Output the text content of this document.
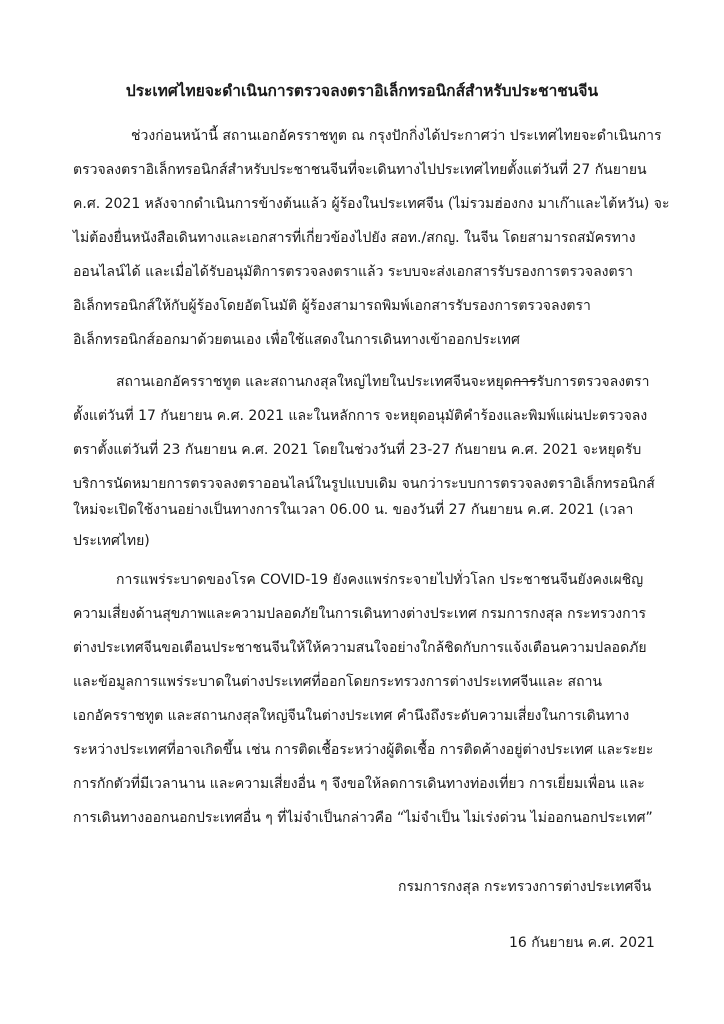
ประเทศไทยจะดำเนินการตรวจลงตราอิเล็กทรอนิกส์สำหรับประชาชนจีน
ช่วงก่อนหน้านี้ สถานเอกอัครราชทูต ณ กรุงปักกิ่งได้ประกาศว่า ประเทศไทยจะดำเนินการ
ตรวจลงตราอิเล็กทรอนิกส์สำหรับประชาชนจีนที่จะเดินทางไปประเทศไทยตั้งแต่วันที่ 27 กันยายน
ค.ศ. 2021 หลังจากดำเนินการข้างต้นแล้ว ผู้ร้องในประเทศจีน (ไม่รวมฮ่องกง มาเก๊าและไต้หวัน) จะ
ไม่ต้องยื่นหนังสือเดินทางและเอกสารที่เกี่ยวข้องไปยัง สอท./สกญ. ในจีน โดยสามารถสมัครทาง
ออนไลน์ได้ และเมื่อได้รับอนุมัติการตรวจลงตราแล้ว ระบบจะส่งเอกสารรับรองการตรวจลงตรา
อิเล็กทรอนิกส์ให้กับผู้ร้องโดยอัตโนมัติ ผู้ร้องสามารถพิมพ์เอกสารรับรองการตรวจลงตรา
อิเล็กทรอนิกส์ออกมาด้วยตนเอง เพื่อใช้แสดงในการเดินทางเข้าออกประเทศ
สถานเอกอัครราชทูต และสถานกงสุลใหญ่ไทยในประเทศจีนจะหยุดการรับการตรวจลงตรา
ตั้งแต่วันที่ 17 กันยายน ค.ศ. 2021 และในหลักการ จะหยุดอนุมัติคำร้องและพิมพ์แผ่นปะตรวจลง
ตราตั้งแต่วันที่ 23 กันยายน ค.ศ. 2021 โดยในช่วงวันที่ 23-27 กันยายน ค.ศ. 2021 จะหยุดรับ
บริการนัดหมายการตรวจลงตราออนไลน์ในรูปแบบเดิม จนกว่าระบบการตรวจลงตราอิเล็กทรอนิกส์
ใหม่จะเปิดใช้งานอย่างเป็นทางการในเวลา 06.00 น. ของวันที่ 27 กันยายน ค.ศ. 2021 (เวลา
ประเทศไทย)
การแพร่ระบาดของโรค COVID-19 ยังคงแพร่กระจายไปทั่วโลก ประชาชนจีนยังคงเผชิญ
ความเสี่ยงด้านสุขภาพและความปลอดภัยในการเดินทางต่างประเทศ กรมการกงสุล กระทรวงการ
ต่างประเทศจีนขอเตือนประชาชนจีนให้ให้ความสนใจอย่างใกล้ชิดกับการแจ้งเตือนความปลอดภัย
และข้อมูลการแพร่ระบาดในต่างประเทศที่ออกโดยกระทรวงการต่างประเทศจีนและ สถาน
เอกอัครราชทูต และสถานกงสุลใหญ่จีนในต่างประเทศ คำนึงถึงระดับความเสี่ยงในการเดินทาง
ระหว่างประเทศที่อาจเกิดขึ้น เช่น การติดเชื้อระหว่างผู้ติดเชื้อ การติดค้างอยู่ต่างประเทศ และระยะ
การกักตัวที่มีเวลานาน และความเสี่ยงอื่น ๆ จึงขอให้ลดการเดินทางท่องเที่ยว การเยี่ยมเพื่อน และ
การเดินทางออกนอกประเทศอื่น ๆ ที่ไม่จำเป็นกล่าวคือ “ไม่จำเป็น ไม่เร่งด่วน ไม่ออกนอกประเทศ”
กรมการกงสุล กระทรวงการต่างประเทศจีน
16 กันยายน ค.ศ. 2021
